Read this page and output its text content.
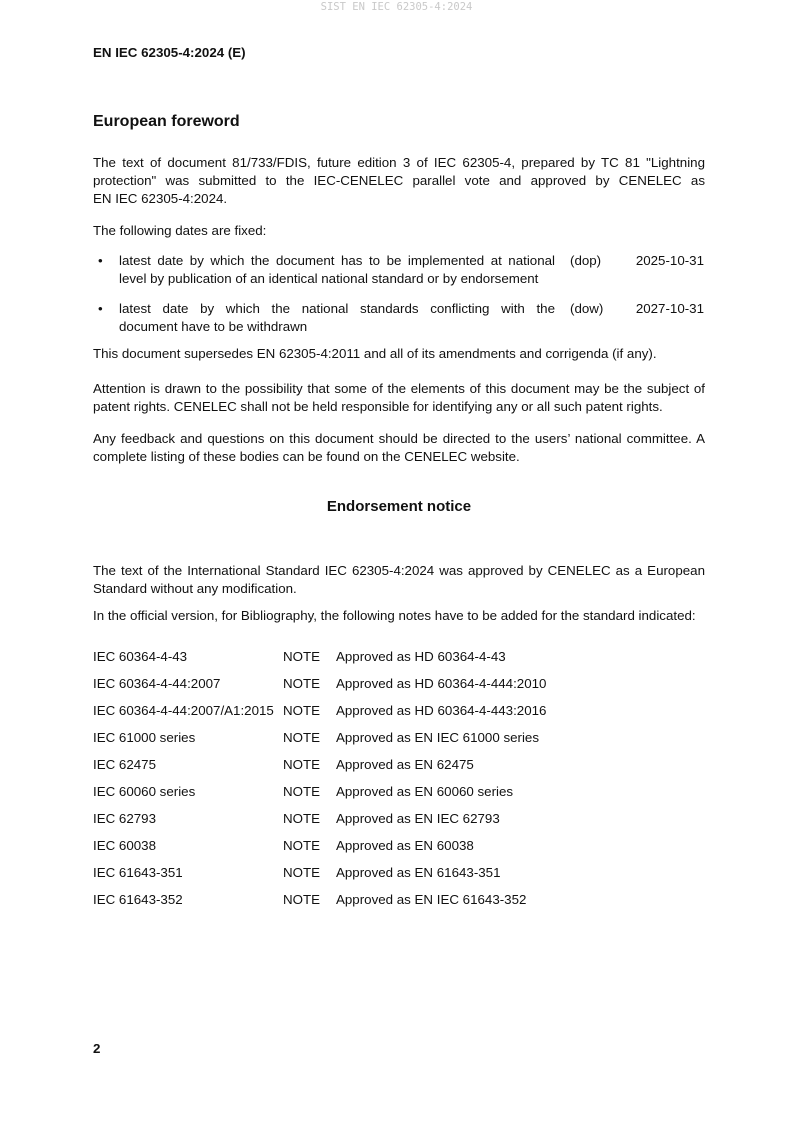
SIST EN IEC 62305-4:2024
EN IEC 62305-4:2024 (E)
European foreword
The text of document 81/733/FDIS, future edition 3 of IEC 62305-4, prepared by TC 81 "Lightning
protection" was submitted to the IEC-CENELEC parallel vote and approved by CENELEC as
EN IEC 62305-4:2024.
The following dates are fixed:
• latest date by which the document has to be implemented at national
level by publication of an identical national standard or by endorsement
(dop)	2025-10-31
• latest date by which the national standards conflicting with the
document have to be withdrawn
(dow) 2027-10-31
This document supersedes EN 62305-4:2011 and all of its amendments and corrigenda (if any).
Attention is drawn to the possibility that some of the elements of this document may be the subject of
patent rights. CENELEC shall not be held responsible for identifying any or all such patent rights.
Any feedback and questions on this document should be directed to the users’ national committee. A
complete listing of these bodies can be found on the CENELEC website.
Endorsement notice
The text of the International Standard IEC 62305-4:2024 was approved by CENELEC as a European
Standard without any modification.
In the official version, for Bibliography, the following notes have to be added for the standard indicated:
IEC 60364-4-43	NOTE	Approved as HD 60364-4-43
IEC 60364-4-44:2007	NOTE	Approved as HD 60364-4-444:2010
IEC 60364-4-44:2007/A1:2015 NOTE	Approved as HD 60364-4-443:2016
IEC 61000 series	NOTE	Approved as EN IEC 61000 series
IEC 62475	NOTE	Approved as EN 62475
IEC 60060 series	NOTE	Approved as EN 60060 series
IEC 62793	NOTE	Approved as EN IEC 62793
IEC 60038	NOTE	Approved as EN 60038
IEC 61643-351	NOTE	Approved as EN 61643-351
IEC 61643-352	NOTE	Approved as EN IEC 61643-352
2
